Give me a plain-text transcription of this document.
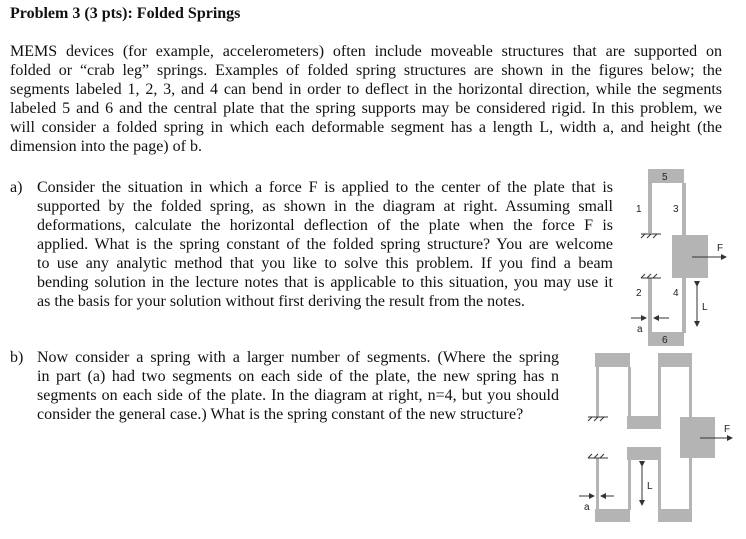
Problem 3 (3 pts): Folded Springs
MEMS devices (for example, accelerometers) often include moveable structures that are supported on
folded or “crab leg” springs. Examples of folded spring structures are shown in the figures below; the
segments labeled 1, 2, 3, and 4 can bend in order to deflect in the horizontal direction, while the segments
labeled 5 and 6 and the central plate that the spring supports may be considered rigid. In this problem, we
will consider a folded spring in which each deformable segment has a length L, width a, and height (the
dimension into the page) of b.
a) Consider the situation in which a force F is applied to the center of the plate that is
supported by the folded spring, as shown in the diagram at right. Assuming small
deformations, calculate the horizontal deflection of the plate when the force F is
applied. What is the spring constant of the folded spring structure? You are welcome
to use any analytic method that you like to solve this problem. If you find a beam
bending solution in the lecture notes that is applicable to this situation, you may use it
as the basis for your solution without first deriving the result from the notes.
b) Now consider a spring with a larger number of segments. (Where the spring
in part (a) had two segments on each side of the plate, the new spring has n
segments on each side of the plate. In the diagram at right, n=4, but you should
consider the general case.) What is the spring constant of the new structure?
5
1	3
2	4
6
F
L
a
F
L
a
